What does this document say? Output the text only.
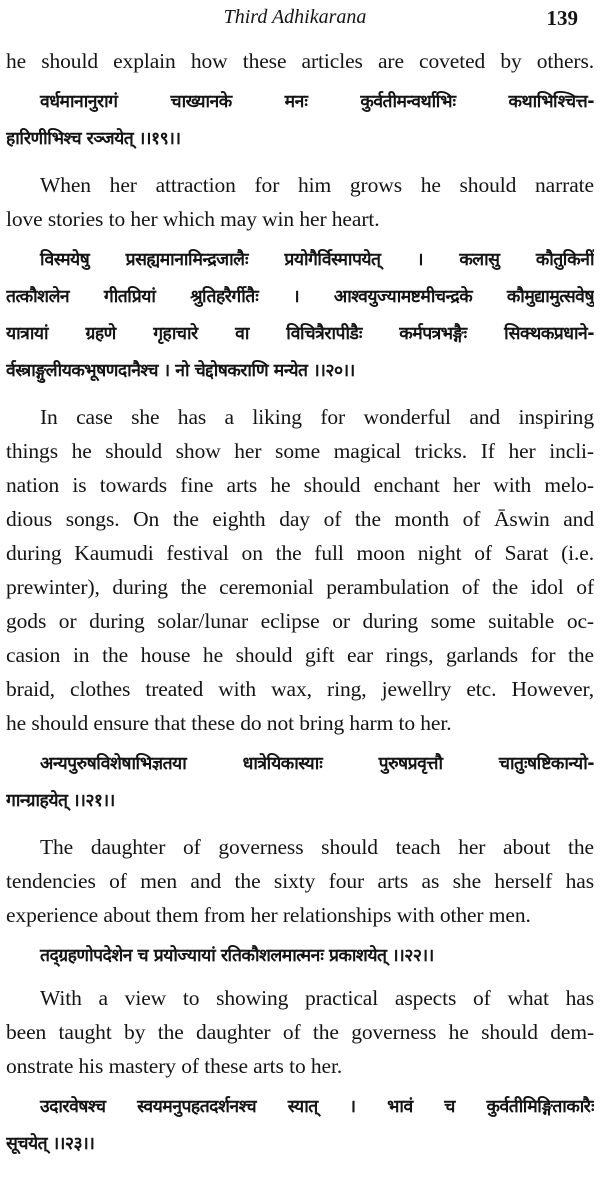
Third Adhikarana	139
he should explain how these articles are coveted by others.
वर्धमानानुरागं चाख्यानके मनः कुर्वतीमन्वर्थाभिः कथाभिश्चित्त-
हारिणीभिश्च रञ्जयेत् ।।१९।।
When her attraction for him grows he should narrate
love stories to her which may win her heart.
विस्मयेषु प्रसह्यमानामिन्द्रजालैः प्रयोगैर्विस्मापयेत् । कलासु कौतुकिनीं
तत्कौशलेन गीतप्रियां श्रुतिहरैर्गीतैः । आश्वयुज्यामष्टमीचन्द्रके कौमुद्यामुत्सवेषु
यात्रायां ग्रहणे गृहाचारे वा विचित्रैरापीडैः कर्मपत्रभङ्गैः सिक्थकप्रधाने-
र्वस्त्राङ्गुलीयकभूषणदानैश्च । नो चेद्दोषकराणि मन्येत ।।२०।।
In case she has a liking for wonderful and inspiring
things he should show her some magical tricks. If her incli-
nation is towards fine arts he should enchant her with melo-
dious songs. On the eighth day of the month of Āswin and
during Kaumudi festival on the full moon night of Sarat (i.e.
prewinter), during the ceremonial perambulation of the idol of
gods or during solar/lunar eclipse or during some suitable oc-
casion in the house he should gift ear rings, garlands for the
braid, clothes treated with wax, ring, jewellry etc. However,
he should ensure that these do not bring harm to her.
अन्यपुरुषविशेषाभिज्ञतया धात्रेयिकास्याः पुरुषप्रवृत्तौ चातुःषष्टिकान्यो-
गान्ग्राहयेत् ।।२१।।
The daughter of governess should teach her about the
tendencies of men and the sixty four arts as she herself has
experience about them from her relationships with other men.
तद्ग्रहणोपदेशेन च प्रयोज्यायां रतिकौशलमात्मनः प्रकाशयेत् ।।२२।।
With a view to showing practical aspects of what has
been taught by the daughter of the governess he should dem-
onstrate his mastery of these arts to her.
उदारवेषश्च स्वयमनुपहतदर्शनश्च स्यात् । भावं च कुर्वतीमिङ्गिताकारैः
सूचयेत् ।।२३।।
